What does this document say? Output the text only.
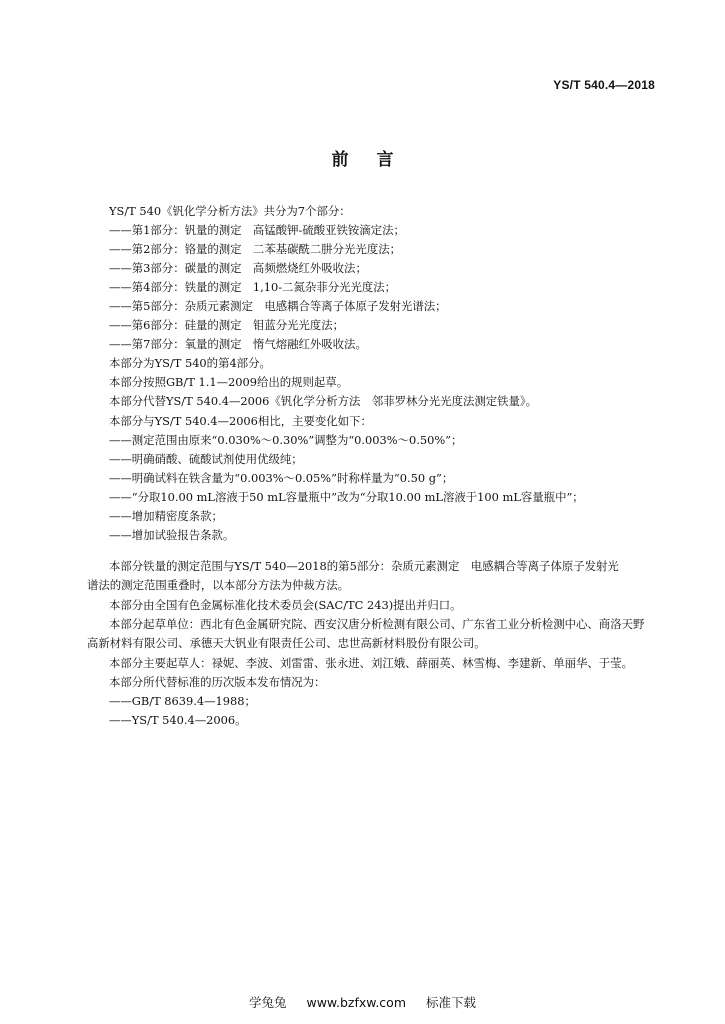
YS/T 540.4—2018
前言
YS/T 540《钒化学分析方法》共分为7个部分：
——第1部分：钒量的测定　高锰酸钾-硫酸亚铁铵滴定法；
——第2部分：铬量的测定　二苯基碳酰二肼分光光度法；
——第3部分：碳量的测定　高频燃烧红外吸收法；
——第4部分：铁量的测定　1,10-二氮杂菲分光光度法；
——第5部分：杂质元素测定　电感耦合等离子体原子发射光谱法；
——第6部分：硅量的测定　钼蓝分光光度法；
——第7部分：氧量的测定　惰气熔融红外吸收法。
本部分为YS/T 540的第4部分。
本部分按照GB/T 1.1—2009给出的规则起草。
本部分代替YS/T 540.4—2006《钒化学分析方法　邻菲罗林分光光度法测定铁量》。
本部分与YS/T 540.4—2006相比，主要变化如下：
——测定范围由原来“0.030%～0.30%”调整为“0.003%～0.50%”；
——明确硝酸、硫酸试剂使用优级纯；
——明确试料在铁含量为“0.003%～0.05%”时称样量为“0.50 g”；
——“分取10.00 mL溶液于50 mL容量瓶中”改为“分取10.00 mL溶液于100 mL容量瓶中”；
——增加精密度条款；
——增加试验报告条款。
本部分铁量的测定范围与YS/T 540—2018的第5部分：杂质元素测定　电感耦合等离子体原子发射光谱法的测定范围重叠时，以本部分方法为仲裁方法。
本部分由全国有色金属标准化技术委员会(SAC/TC 243)提出并归口。
本部分起草单位：西北有色金属研究院、西安汉唐分析检测有限公司、广东省工业分析检测中心、商洛天野高新材料有限公司、承德天大钒业有限责任公司、忠世高新材料股份有限公司。
本部分主要起草人：禄妮、李波、刘雷雷、张永进、刘江娥、薛丽英、林雪梅、李建新、单丽华、于莹。
本部分所代替标准的历次版本发布情况为：
——GB/T 8639.4—1988；
——YS/T 540.4—2006。
学兔兔 www.bzfxw.com 标准下载
